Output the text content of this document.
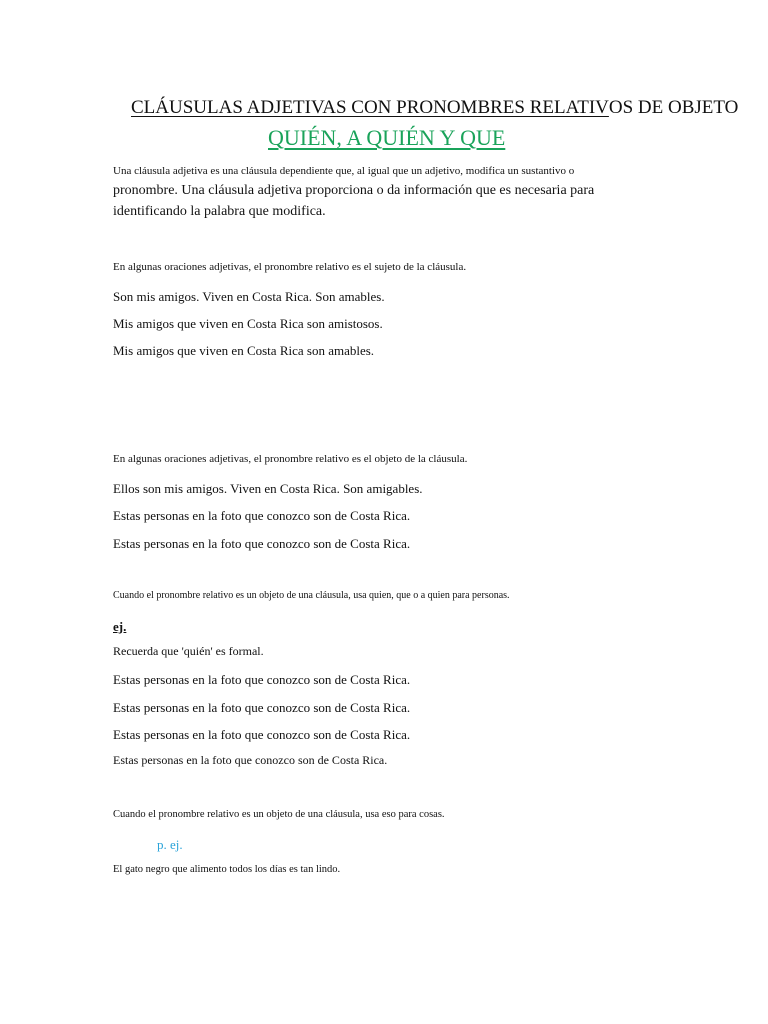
CLÁUSULAS ADJETIVAS CON PRONOMBRES RELATIVOS DE OBJETO
QUIÉN, A QUIÉN Y QUE
Una cláusula adjetiva es una cláusula dependiente que, al igual que un adjetivo, modifica un sustantivo o
pronombre. Una cláusula adjetiva proporciona o da información que es necesaria para
identificando la palabra que modifica.
En algunas oraciones adjetivas, el pronombre relativo es el sujeto de la cláusula.
Son mis amigos. Viven en Costa Rica. Son amables.
Mis amigos que viven en Costa Rica son amistosos.
Mis amigos que viven en Costa Rica son amables.
En algunas oraciones adjetivas, el pronombre relativo es el objeto de la cláusula.
Ellos son mis amigos. Viven en Costa Rica. Son amigables.
Estas personas en la foto que conozco son de Costa Rica.
Estas personas en la foto que conozco son de Costa Rica.
Cuando el pronombre relativo es un objeto de una cláusula, usa quien, que o a quien para personas.
ej.
Recuerda que 'quién' es formal.
Estas personas en la foto que conozco son de Costa Rica.
Estas personas en la foto que conozco son de Costa Rica.
Estas personas en la foto que conozco son de Costa Rica.
Estas personas en la foto que conozco son de Costa Rica.
Cuando el pronombre relativo es un objeto de una cláusula, usa eso para cosas.
p. ej.
El gato negro que alimento todos los días es tan lindo.
